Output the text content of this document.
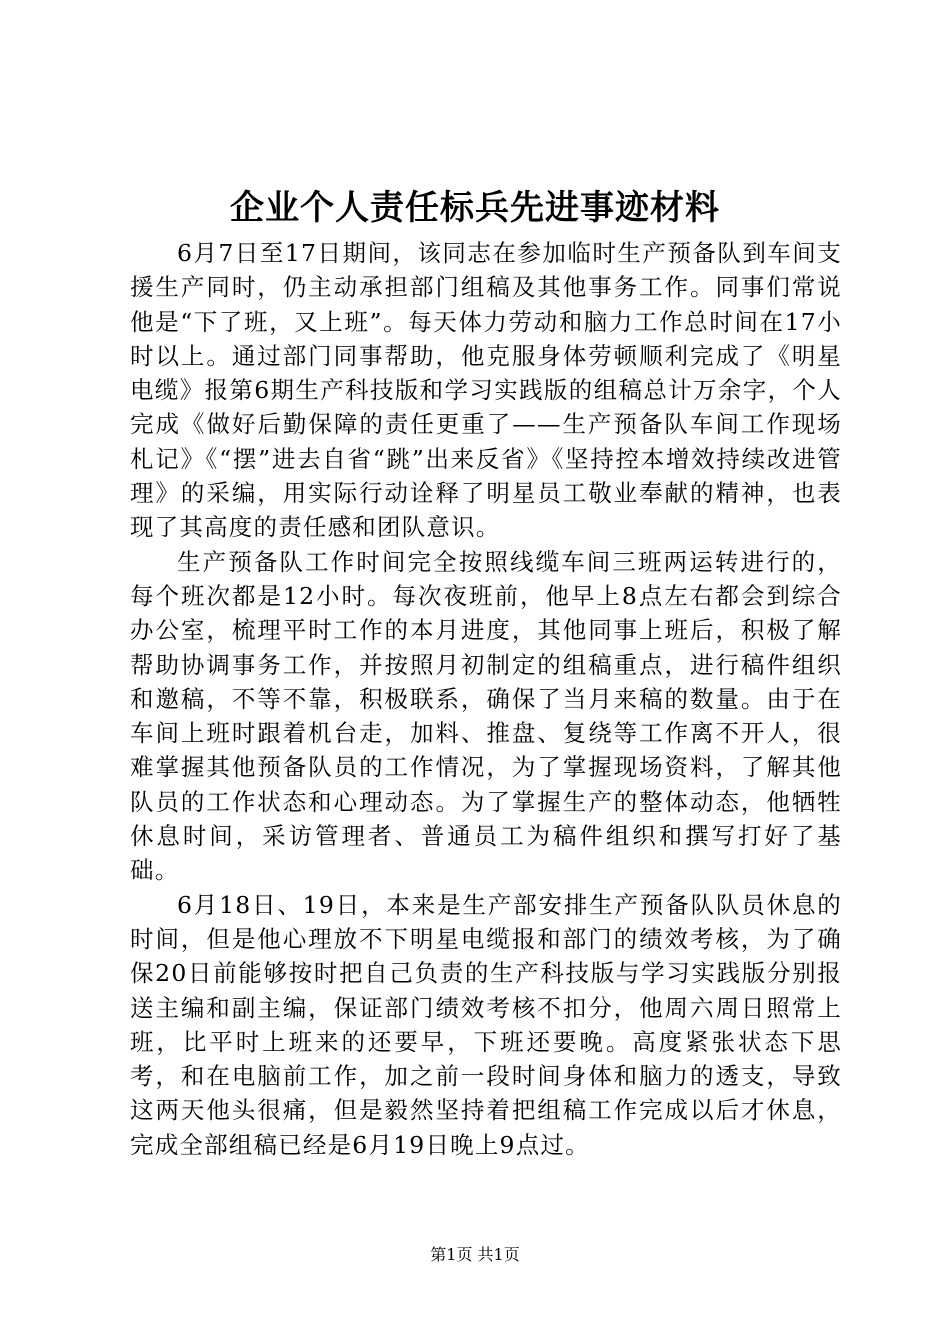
企业个人责任标兵先进事迹材料

6月7日至17日期间，该同志在参加临时生产预备队到车间支援生产同时，仍主动承担部门组稿及其他事务工作。同事们常说他是“下了班，又上班”。每天体力劳动和脑力工作总时间在17小时以上。通过部门同事帮助，他克服身体劳顿顺利完成了《明星电缆》报第6期生产科技版和学习实践版的组稿总计万余字，个人完成《做好后勤保障的责任更重了——生产预备队车间工作现场札记》《“摆”进去自省“跳”出来反省》《坚持控本增效持续改进管理》的采编，用实际行动诠释了明星员工敬业奉献的精神，也表现了其高度的责任感和团队意识。

生产预备队工作时间完全按照线缆车间三班两运转进行的，每个班次都是12小时。每次夜班前，他早上8点左右都会到综合办公室，梳理平时工作的本月进度，其他同事上班后，积极了解帮助协调事务工作，并按照月初制定的组稿重点，进行稿件组织和邀稿，不等不靠，积极联系，确保了当月来稿的数量。由于在车间上班时跟着机台走，加料、推盘、复绕等工作离不开人，很难掌握其他预备队员的工作情况，为了掌握现场资料，了解其他队员的工作状态和心理动态。为了掌握生产的整体动态，他牺牲休息时间，采访管理者、普通员工为稿件组织和撰写打好了基础。

6月18日、19日，本来是生产部安排生产预备队队员休息的时间，但是他心理放不下明星电缆报和部门的绩效考核，为了确保20日前能够按时把自己负责的生产科技版与学习实践版分别报送主编和副主编，保证部门绩效考核不扣分，他周六周日照常上班，比平时上班来的还要早，下班还要晚。高度紧张状态下思考，和在电脑前工作，加之前一段时间身体和脑力的透支，导致这两天他头很痛，但是毅然坚持着把组稿工作完成以后才休息，完成全部组稿已经是6月19日晚上9点过。

第1页 共1页
